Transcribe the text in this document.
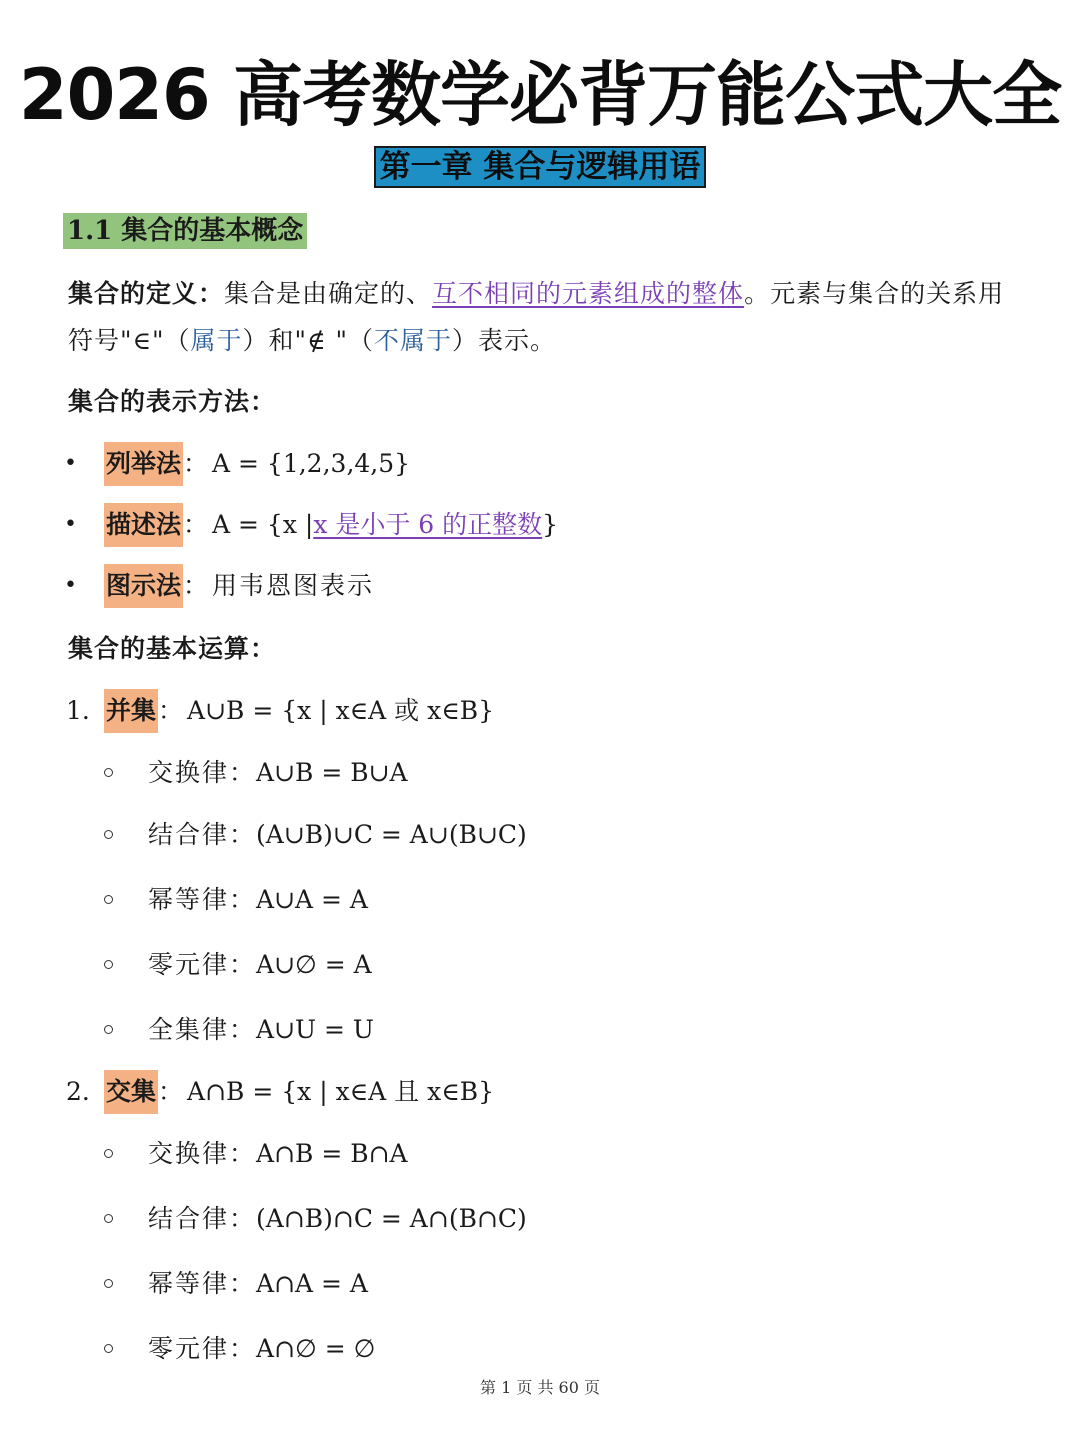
2026 高考数学必背万能公式大全
第一章 集合与逻辑用语
1.1 集合的基本概念
集合的定义：集合是由确定的、互不相同的元素组成的整体。元素与集合的关系用符号"∈"（属于）和"∉ "（不属于）表示。
集合的表示方法：
• 列举法 ： A = {1,2,3,4,5}
• 描述法 ： A = {x | x 是小于 6 的正整数 }
• 图示法 ： 用韦恩图表示
集合的基本运算：
1. 并集 ： A∪B = {x | x∈A 或 x∈B}
交换律： A∪B = B∪A
结合律： (A∪B)∪C = A∪(B∪C)
幂等律： A∪A = A
零元律： A∪∅ = A
全集律： A∪U = U
2. 交集 ： A∩B = {x | x∈A 且 x∈B}
交换律： A∩B = B∩A
结合律： (A∩B)∩C = A∩(B∩C)
幂等律： A∩A = A
零元律： A∩∅ = ∅
第 1 页 共 60 页
